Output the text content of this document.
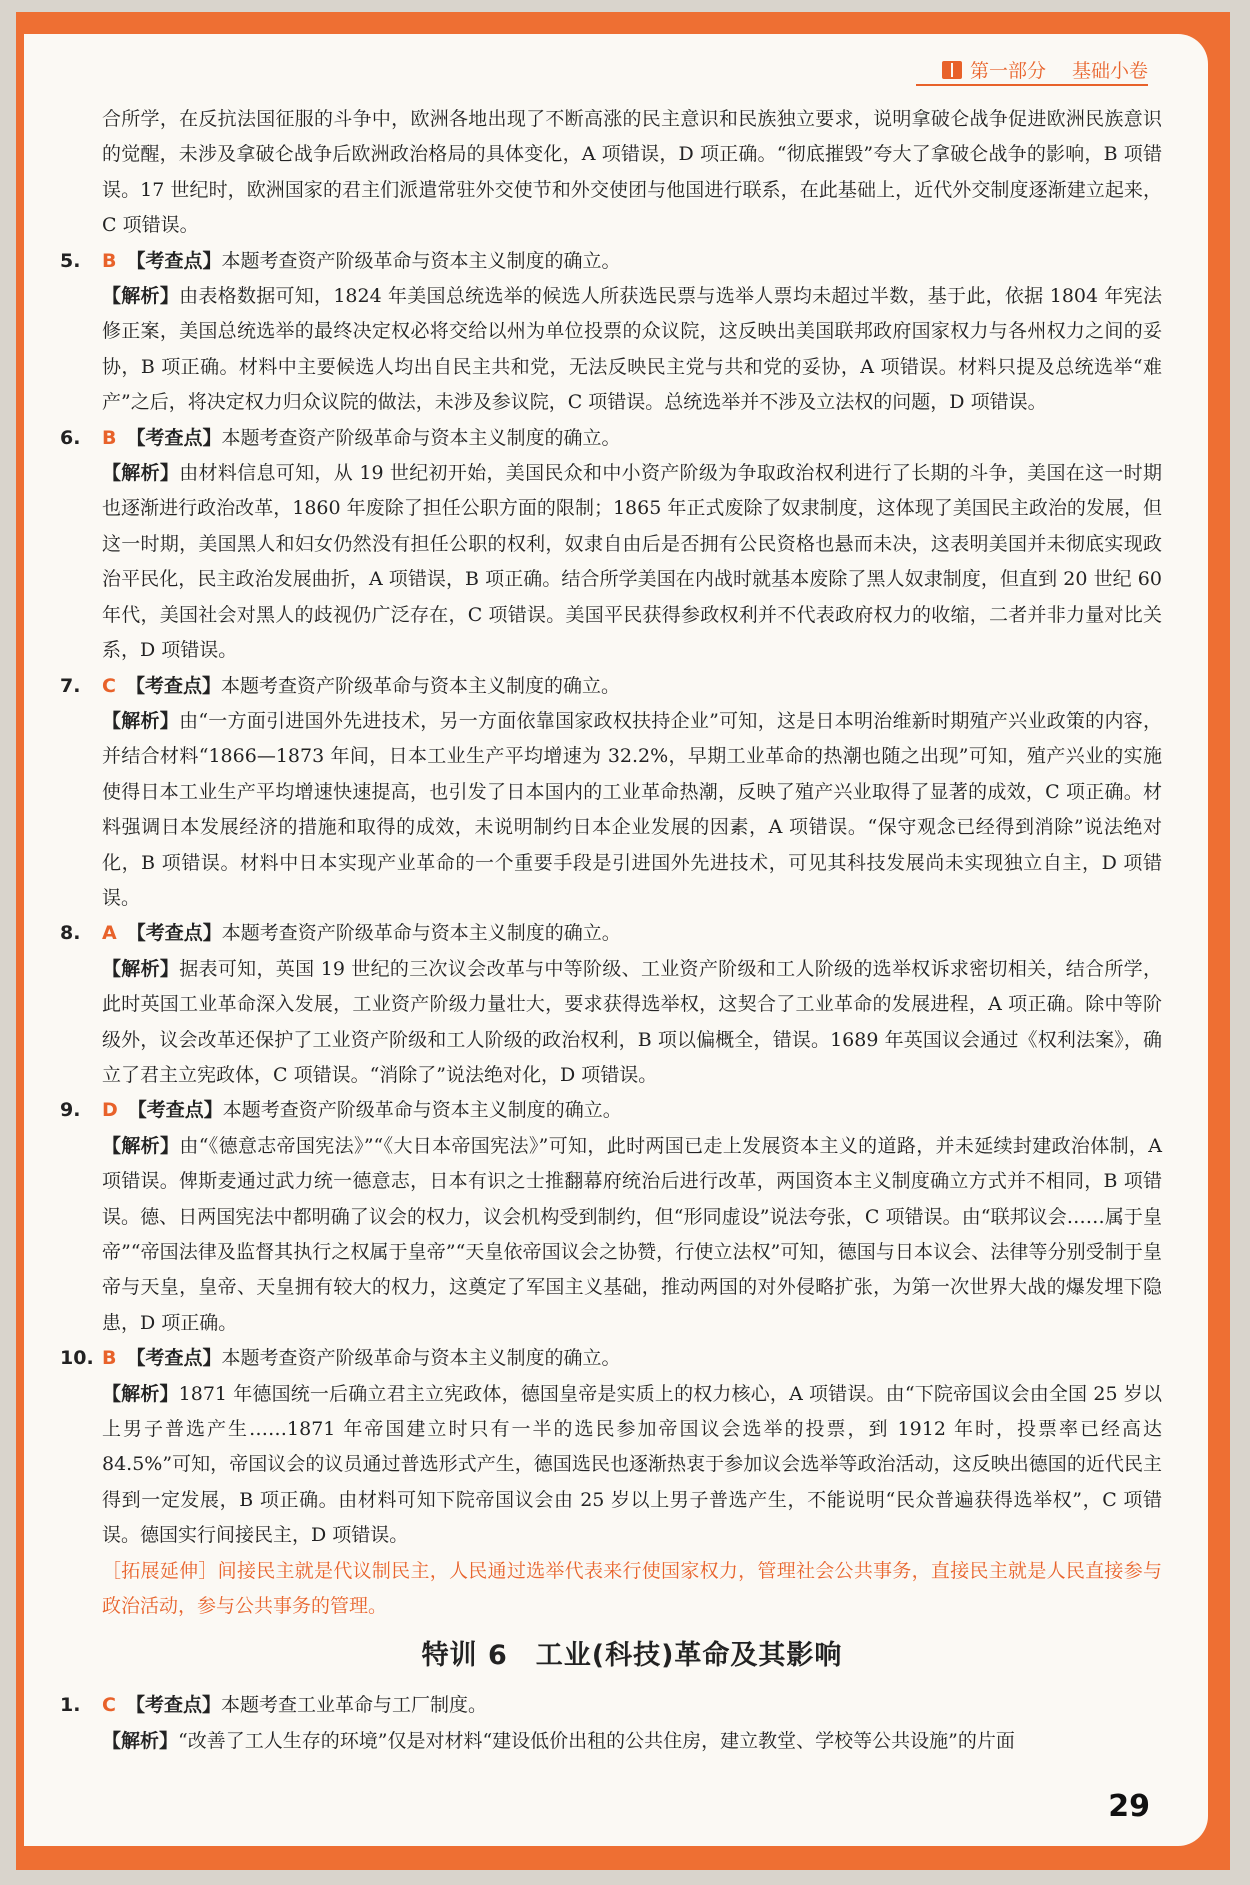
第一部分 基础小卷

合所学，在反抗法国征服的斗争中，欧洲各地出现了不断高涨的民主意识和民族独立要求，说明拿破仑战争促进欧洲民族意识的觉醒，未涉及拿破仑战争后欧洲政治格局的具体变化，A 项错误，D 项正确。“彻底摧毁”夸大了拿破仑战争的影响，B 项错误。17 世纪时，欧洲国家的君主们派遣常驻外交使节和外交使团与他国进行联系，在此基础上，近代外交制度逐渐建立起来，C 项错误。

5. B 【考查点】本题考查资产阶级革命与资本主义制度的确立。

【解析】由表格数据可知，1824 年美国总统选举的候选人所获选民票与选举人票均未超过半数，基于此，依据 1804 年宪法修正案，美国总统选举的最终决定权必将交给以州为单位投票的众议院，这反映出美国联邦政府国家权力与各州权力之间的妥协，B 项正确。材料中主要候选人均出自民主共和党，无法反映民主党与共和党的妥协，A 项错误。材料只提及总统选举“难产”之后，将决定权力归众议院的做法，未涉及参议院，C 项错误。总统选举并不涉及立法权的问题，D 项错误。

6. B 【考查点】本题考查资产阶级革命与资本主义制度的确立。

【解析】由材料信息可知，从 19 世纪初开始，美国民众和中小资产阶级为争取政治权利进行了长期的斗争，美国在这一时期也逐渐进行政治改革，1860 年废除了担任公职方面的限制；1865 年正式废除了奴隶制度，这体现了美国民主政治的发展，但这一时期，美国黑人和妇女仍然没有担任公职的权利，奴隶自由后是否拥有公民资格也悬而未决，这表明美国并未彻底实现政治平民化，民主政治发展曲折，A 项错误，B 项正确。结合所学美国在内战时就基本废除了黑人奴隶制度，但直到 20 世纪 60 年代，美国社会对黑人的歧视仍广泛存在，C 项错误。美国平民获得参政权利并不代表政府权力的收缩，二者并非力量对比关系，D 项错误。

7. C 【考查点】本题考查资产阶级革命与资本主义制度的确立。

【解析】由“一方面引进国外先进技术，另一方面依靠国家政权扶持企业”可知，这是日本明治维新时期殖产兴业政策的内容，并结合材料“1866—1873 年间，日本工业生产平均增速为 32.2%，早期工业革命的热潮也随之出现”可知，殖产兴业的实施使得日本工业生产平均增速快速提高，也引发了日本国内的工业革命热潮，反映了殖产兴业取得了显著的成效，C 项正确。材料强调日本发展经济的措施和取得的成效，未说明制约日本企业发展的因素，A 项错误。“保守观念已经得到消除”说法绝对化，B 项错误。材料中日本实现产业革命的一个重要手段是引进国外先进技术，可见其科技发展尚未实现独立自主，D 项错误。

8. A 【考查点】本题考查资产阶级革命与资本主义制度的确立。

【解析】据表可知，英国 19 世纪的三次议会改革与中等阶级、工业资产阶级和工人阶级的选举权诉求密切相关，结合所学，此时英国工业革命深入发展，工业资产阶级力量壮大，要求获得选举权，这契合了工业革命的发展进程，A 项正确。除中等阶级外，议会改革还保护了工业资产阶级和工人阶级的政治权利，B 项以偏概全，错误。1689 年英国议会通过《权利法案》，确立了君主立宪政体，C 项错误。“消除了”说法绝对化，D 项错误。

9. D 【考查点】本题考查资产阶级革命与资本主义制度的确立。

【解析】由“《德意志帝国宪法》”“《大日本帝国宪法》”可知，此时两国已走上发展资本主义的道路，并未延续封建政治体制，A 项错误。俾斯麦通过武力统一德意志，日本有识之士推翻幕府统治后进行改革，两国资本主义制度确立方式并不相同，B 项错误。德、日两国宪法中都明确了议会的权力，议会机构受到制约，但“形同虚设”说法夸张，C 项错误。由“联邦议会……属于皇帝”“帝国法律及监督其执行之权属于皇帝”“天皇依帝国议会之协赞，行使立法权”可知，德国与日本议会、法律等分别受制于皇帝与天皇，皇帝、天皇拥有较大的权力，这奠定了军国主义基础，推动两国的对外侵略扩张，为第一次世界大战的爆发埋下隐患，D 项正确。

10. B 【考查点】本题考查资产阶级革命与资本主义制度的确立。

【解析】1871 年德国统一后确立君主立宪政体，德国皇帝是实质上的权力核心，A 项错误。由“下院帝国议会由全国 25 岁以上男子普选产生……1871 年帝国建立时只有一半的选民参加帝国议会选举的投票，到 1912 年时，投票率已经高达 84.5%”可知，帝国议会的议员通过普选形式产生，德国选民也逐渐热衷于参加议会选举等政治活动，这反映出德国的近代民主得到一定发展，B 项正确。由材料可知下院帝国议会由 25 岁以上男子普选产生，不能说明“民众普遍获得选举权”，C 项错误。德国实行间接民主，D 项错误。

［拓展延伸］间接民主就是代议制民主，人民通过选举代表来行使国家权力，管理社会公共事务，直接民主就是人民直接参与政治活动，参与公共事务的管理。

特训 6　工业(科技)革命及其影响

1. C 【考查点】本题考查工业革命与工厂制度。

【解析】“改善了工人生存的环境”仅是对材料“建设低价出租的公共住房，建立教堂、学校等公共设施”的片面

29
